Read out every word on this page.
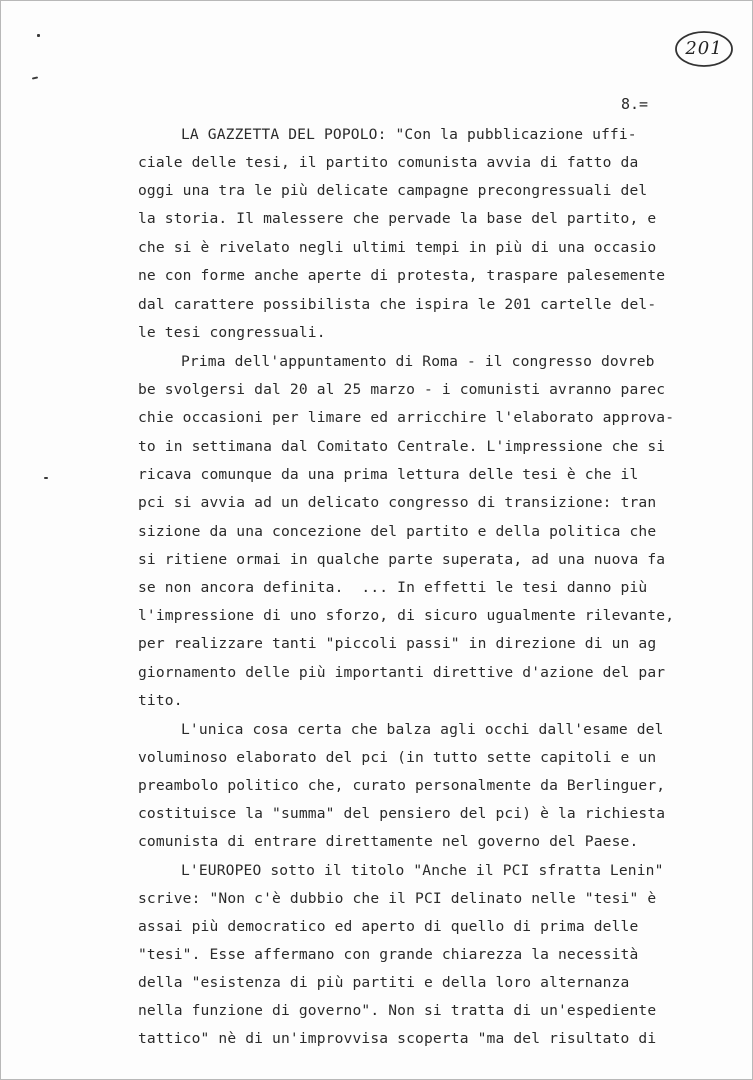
201
8.=
LA GAZZETTA DEL POPOLO: "Con la pubblicazione uffi-
ciale delle tesi, il partito comunista avvia di fatto da
oggi una tra le più delicate campagne precongressuali del
la storia. Il malessere che pervade la base del partito, e
che si è rivelato negli ultimi tempi in più di una occasio
ne con forme anche aperte di protesta, traspare palesemente
dal carattere possibilista che ispira le 201 cartelle del-
le tesi congressuali.
Prima dell'appuntamento di Roma - il congresso dovreb
be svolgersi dal 20 al 25 marzo - i comunisti avranno parec
chie occasioni per limare ed arricchire l'elaborato approva-
to in settimana dal Comitato Centrale. L'impressione che si
ricava comunque da una prima lettura delle tesi è che il
pci si avvia ad un delicato congresso di transizione: tran
sizione da una concezione del partito e della politica che
si ritiene ormai in qualche parte superata, ad una nuova fa
se non ancora definita.  ... In effetti le tesi danno più
l'impressione di uno sforzo, di sicuro ugualmente rilevante,
per realizzare tanti "piccoli passi" in direzione di un ag
giornamento delle più importanti direttive d'azione del par
tito.
L'unica cosa certa che balza agli occhi dall'esame del
voluminoso elaborato del pci (in tutto sette capitoli e un
preambolo politico che, curato personalmente da Berlinguer,
costituisce la "summa" del pensiero del pci) è la richiesta
comunista di entrare direttamente nel governo del Paese.
L'EUROPEO sotto il titolo "Anche il PCI sfratta Lenin"
scrive: "Non c'è dubbio che il PCI delinato nelle "tesi" è
assai più democratico ed aperto di quello di prima delle
"tesi". Esse affermano con grande chiarezza la necessità
della "esistenza di più partiti e della loro alternanza
nella funzione di governo". Non si tratta di un'espediente
tattico" nè di un'improvvisa scoperta "ma del risultato di
